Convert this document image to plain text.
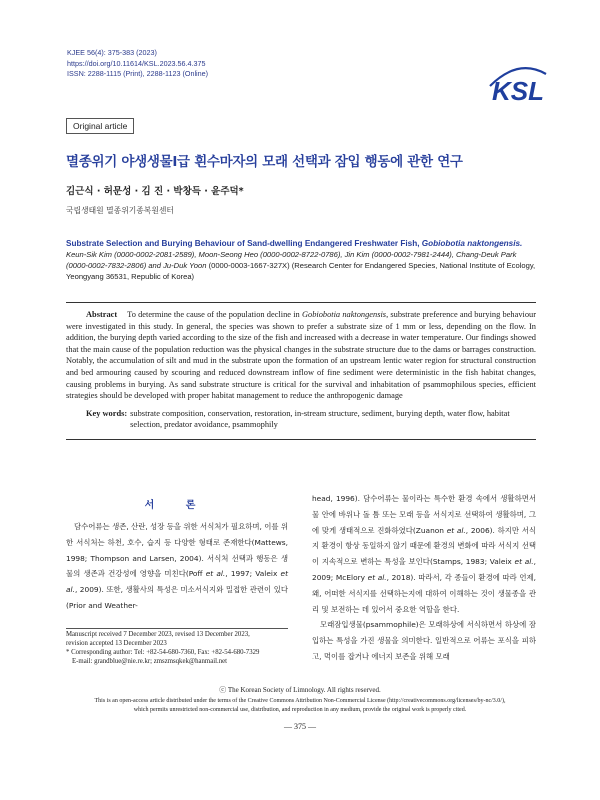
KJEE 56(4): 375-383 (2023)
https://doi.org/10.11614/KSL.2023.56.4.375
ISSN: 2288-1115 (Print), 2288-1123 (Online)
KSL
Original article
멸종위기 야생생물Ⅰ급 흰수마자의 모래 선택과 잠입 행동에 관한 연구
김근식 · 허문성 · 김 진 · 박창득 · 윤주덕*
국립생태원 멸종위기종복원센터
Substrate Selection and Burying Behaviour of Sand-dwelling Endangered Freshwater Fish, Gobiobotia naktongensis. Keun-Sik Kim (0000-0002-2081-2589), Moon-Seong Heo (0000-0002-8722-0786), Jin Kim (0000-0002-7981-2444), Chang-Deuk Park (0000-0002-7832-2806) and Ju-Duk Yoon (0000-0003-1667-327X) (Research Center for Endangered Species, National Institute of Ecology, Yeongyang 36531, Republic of Korea)
Abstract To determine the cause of the population decline in Gobiobotia naktongensis, substrate preference and burying behaviour were investigated in this study. In general, the species was shown to prefer a substrate size of 1 mm or less, depending on the flow. In addition, the burying depth varied according to the size of the fish and increased with a decrease in water temperature. Our findings showed that the main cause of the population reduction was the physical changes in the substrate structure due to the dams or barrages construction. Notably, the accumulation of silt and mud in the substrate upon the formation of an upstream lentic water region for structural construction and bed armouring caused by scouring and reduced downstream inflow of fine sediment were deterministic in the fish habitat changes, causing problems in burying. As sand substrate structure is critical for the survival and inhabitation of psammophilous species, efficient strategies should be developed with proper habitat management to reduce the anthropogenic damage
Key words: substrate composition, conservation, restoration, in-stream structure, sediment, burying depth, water flow, habitat selection, predator avoidance, psammophily
서 론
담수어류는 생존, 산란, 성장 등을 위한 서식처가 필요하며, 이를 위한 서식처는 하천, 호수, 습지 등 다양한 형태로 존재한다(Mattews, 1998; Thompson and Larsen, 2004). 서식처 선택과 행동은 생물의 생존과 건강성에 영향을 미친다(Poff et al., 1997; Valeix et al., 2009). 또한, 생활사의 특성은 미소서식지와 밀접한 관련이 있다(Prior and Weather-

head, 1996). 담수어류는 물이라는 특수한 환경 속에서 생활하면서 물 안에 바위나 돌 틈 또는 모래 등을 서식지로 선택하여 생활하며, 그에 맞게 생태적으로 진화하였다(Zuanon et al., 2006). 하지만 서식지 환경이 항상 동일하지 않기 때문에 환경의 변화에 따라 서식지 선택이 지속적으로 변하는 특성을 보인다(Stamps, 1983; Valeix et al., 2009; McElory et al., 2018). 따라서, 각 종들이 환경에 따라 언제, 왜, 어떠한 서식지를 선택하는지에 대하여 이해하는 것이 생물종을 관리 및 보전하는 데 있어서 중요한 역할을 한다.

모래잠입생물(psammophile)은 모래하상에 서식하면서 하상에 잠입하는 특성을 가진 생물을 의미한다. 일반적으로 어류는 포식을 피하고, 먹이를 잡거나 에너지 보존을 위해 모래

Manuscript received 7 December 2023, revised 13 December 2023,
revision accepted 13 December 2023
* Corresponding author: Tel: +82-54-680-7360, Fax: +82-54-680-7329
E-mail: grandblue@nie.re.kr; zmszmsqkek@hanmail.net
ⓒ The Korean Society of Limnology. All rights reserved.
This is an open-access article distributed under the terms of the Creative Commons Attribution Non-Commercial License (http://creativecommons.org/licenses/by-nc/3.0/),
which permits unrestricted non-commercial use, distribution, and reproduction in any medium, provide the original work is properly cited.
— 375 —
